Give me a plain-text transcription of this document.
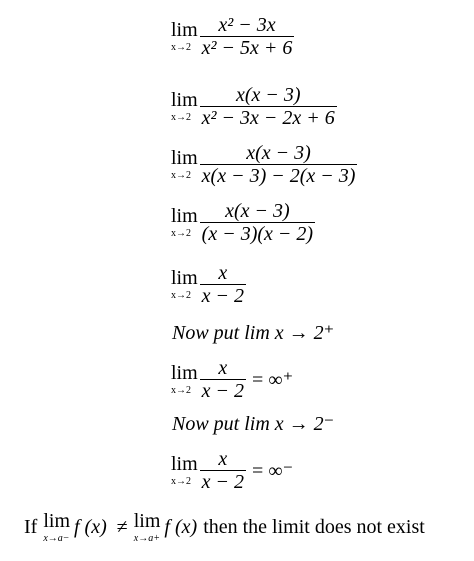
lim
$x\to 2 \frac{\text{x² − 3x}}{\text{x² − 5x + 6}}$
lim
$x\to 2 \frac{x(x - 3)}{\text{x² − 3x − 2x + 6}}$
lim
$x\to 2 \frac{x(x - 3)}{x(x - 3) - 2(x - 3)}$
lim
$x\to 2 \frac{x(x - 3)}{(x - 3)(x - 2)}$
lim
$x\to 2 \frac{x}{x - 2}$
Now put lim x → 2⁺
lim
$x\to 2 \frac{x}{x - 2}$ = ∞⁺
Now put lim x → 2⁻
lim
$x\to 2 \frac{x}{x - 2}$ = ∞⁻
If lim
x→a−
f (x) ≠ lim
x→a+
f (x) then the limit does not exist
